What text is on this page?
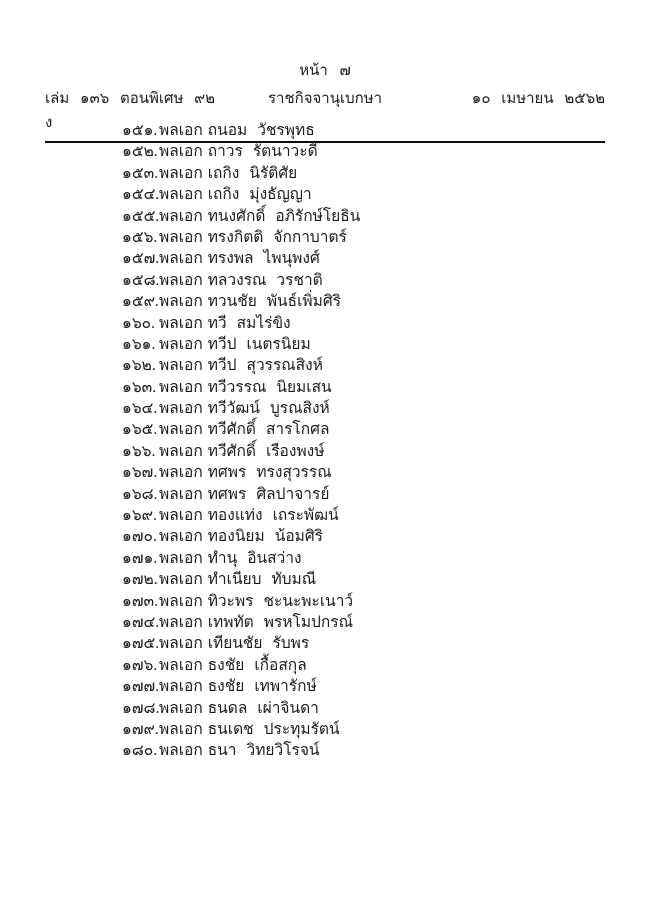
หน้า ๗
เล่ม ๑๓๖ ตอนพิเศษ ๙๒ ง
ราชกิจจานุเบกษา	๑๐ เมษายน ๒๕๖๒
๑๕๑. พลเอก ถนอม วัชรพุทธ
๑๕๒. พลเอก ถาวร รัตนาวะดี
๑๕๓. พลเอก เถกิง นิรัติศัย
๑๕๔. พลเอก เถกิง มุ่งธัญญา
๑๕๕. พลเอก ทนงศักดิ์ อภิรักษ์โยธิน
๑๕๖. พลเอก ทรงกิตติ จักกาบาตร์
๑๕๗. พลเอก ทรงพล ไพนุพงศ์
๑๕๘. พลเอก ทลวงรณ วรชาติ
๑๕๙. พลเอก ทวนชัย พันธ์เพิ่มศิริ
๑๖๐. พลเอก ทวี สมไร่ขิง
๑๖๑. พลเอก ทวีป เนตรนิยม
๑๖๒. พลเอก ทวีป สุวรรณสิงห์
๑๖๓. พลเอก ทวีวรรณ นิยมเสน
๑๖๔. พลเอก ทวีวัฒน์ บูรณสิงห์
๑๖๕. พลเอก ทวีศักดิ์ สารโกศล
๑๖๖. พลเอก ทวีศักดิ์ เรืองพงษ์
๑๖๗. พลเอก ทศพร ทรงสุวรรณ
๑๖๘. พลเอก ทศพร ศิลปาจารย์
๑๖๙. พลเอก ทองแท่ง เถระพัฒน์
๑๗๐. พลเอก ทองนิยม น้อมศิริ
๑๗๑. พลเอก ทำนุ อินสว่าง
๑๗๒. พลเอก ทำเนียบ ทับมณี
๑๗๓. พลเอก ทิวะพร ชะนะพะเนาว์
๑๗๔. พลเอก เทพทัต พรหโมปกรณ์
๑๗๕. พลเอก เทียนชัย รับพร
๑๗๖. พลเอก ธงชัย เกื้อสกุล
๑๗๗. พลเอก ธงชัย เทพารักษ์
๑๗๘. พลเอก ธนดล เผ่าจินดา
๑๗๙. พลเอก ธนเดช ประทุมรัตน์
๑๘๐. พลเอก ธนา วิทยวิโรจน์
